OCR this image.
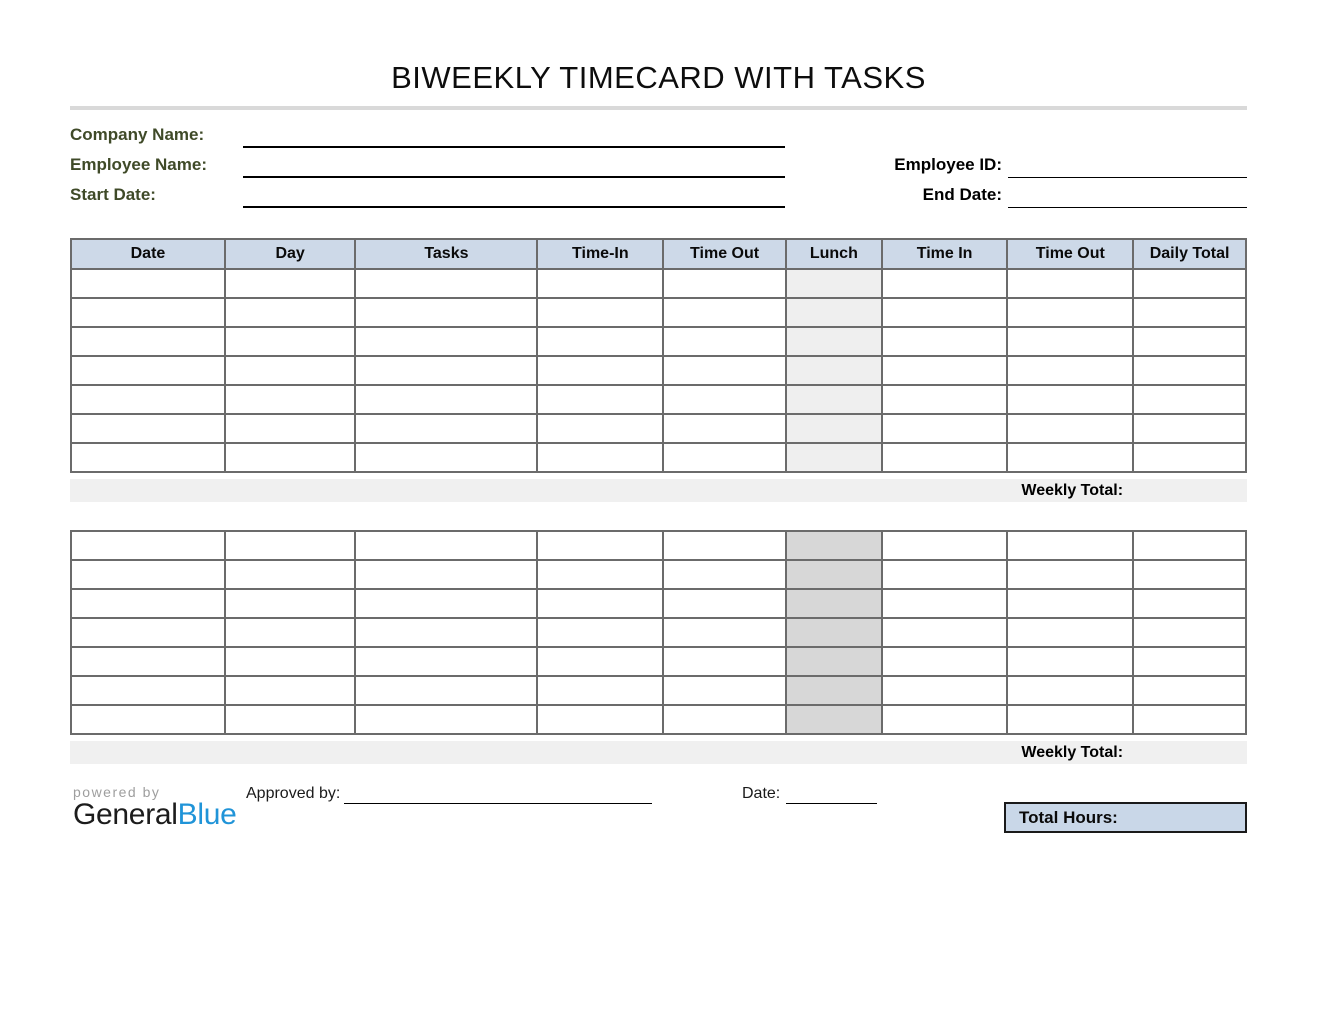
BIWEEKLY TIMECARD WITH TASKS
Company Name:
Employee Name:	Employee ID:
Start Date:	End Date:
Date	Day	Tasks	Time-In	Time Out	Lunch	Time In	Time Out	Daily Total

Weekly Total:

Weekly Total:
powered by
GeneralBlue
Approved by:	Date:
Total Hours:
